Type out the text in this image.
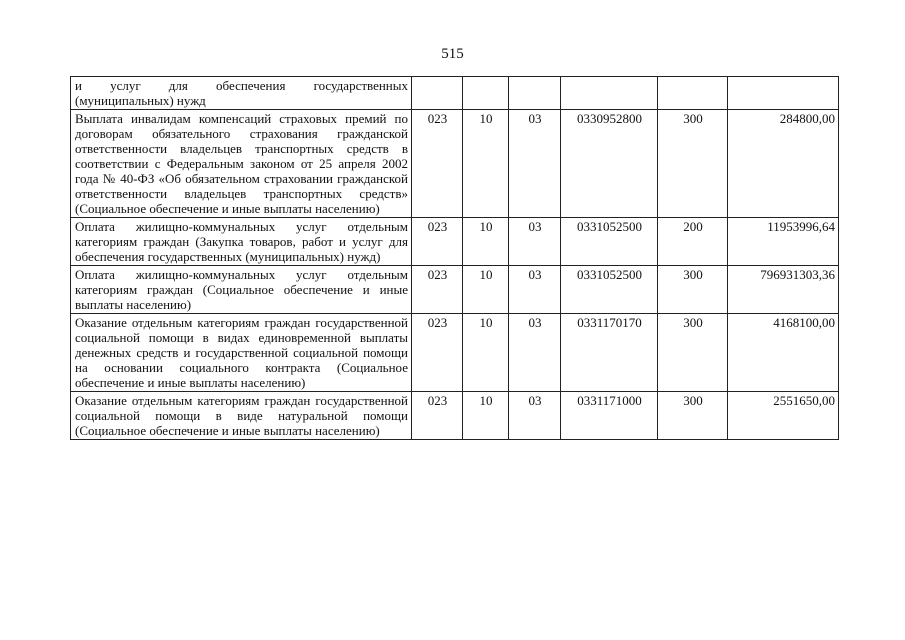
515
и услуг для обеспечения государственных (муниципальных) нужд						
Выплата инвалидам компенсаций страховых премий по договорам обязательного страхования гражданской ответственности владельцев транспортных средств в соответствии с Федеральным законом от 25 апреля 2002 года № 40-ФЗ «Об обязательном страховании гражданской ответственности владельцев транспортных средств» (Социальное обеспечение и иные выплаты населению)	023	10	03	0330952800	300	284800,00
Оплата жилищно-коммунальных услуг отдельным категориям граждан (Закупка товаров, работ и услуг для обеспечения государственных (муниципальных) нужд)	023	10	03	0331052500	200	11953996,64
Оплата жилищно-коммунальных услуг отдельным категориям граждан (Социальное обеспечение и иные выплаты населению)	023	10	03	0331052500	300	796931303,36
Оказание отдельным категориям граждан государственной социальной помощи в видах единовременной выплаты денежных средств и государственной социальной помощи на основании социального контракта (Социальное обеспечение и иные выплаты населению)	023	10	03	0331170170	300	4168100,00
Оказание отдельным категориям граждан государственной социальной помощи в виде натуральной помощи (Социальное обеспечение и иные выплаты населению)	023	10	03	0331171000	300	2551650,00
